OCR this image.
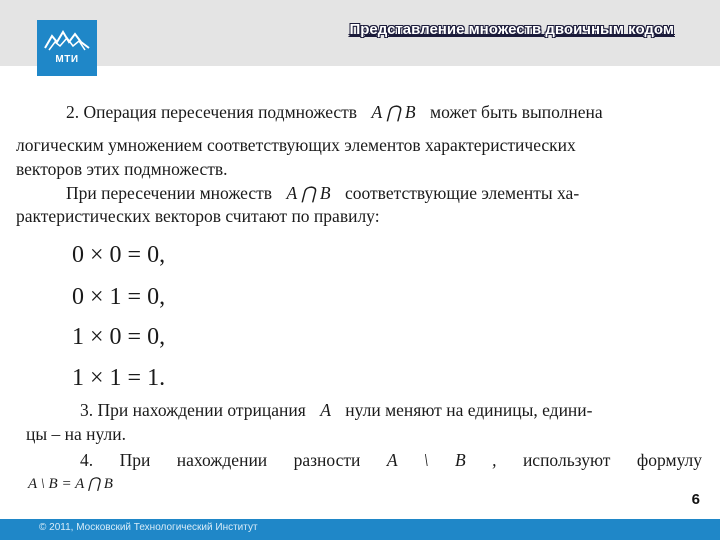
МТИ
Представление множеств двоичным кодом
2. Операция пересечения подмножеств A ⋂ B может быть выполнена
логическим умножением соответствующих элементов характеристических
векторов этих подмножеств.
При пересечении множеств A ⋂ B соответствующие элементы ха-
рактеристических векторов считают по правилу:
0 × 0 = 0,
0 × 1 = 0,
1 × 0 = 0,
1 × 1 = 1.
3. При нахождении отрицания A нули меняют на единицы, едини-
цы – на нули.
4. При нахождении разности A \ B , используют формулу
A \ B = A ⋂ B
6
© 2011, Московский Технологический Институт
